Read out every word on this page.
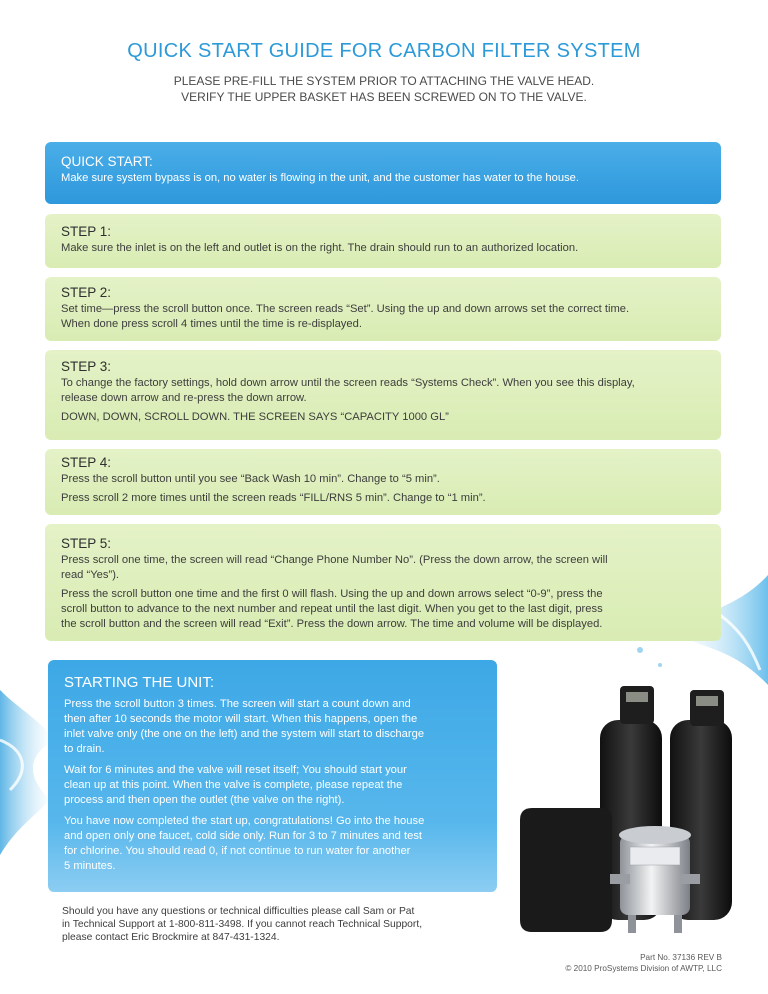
QUICK START GUIDE FOR CARBON FILTER SYSTEM
PLEASE PRE-FILL THE SYSTEM PRIOR TO ATTACHING THE VALVE HEAD.
VERIFY THE UPPER BASKET HAS BEEN SCREWED ON TO THE VALVE.
QUICK START:

Make sure system bypass is on, no water is flowing in the unit, and the customer has water to the house.

STEP 1:

Make sure the inlet is on the left and outlet is on the right. The drain should run to an authorized location.

STEP 2:

Set time—press the scroll button once. The screen reads “Set”. Using the up and down arrows set the correct time.
When done press scroll 4 times until the time is re-displayed.

STEP 3:

To change the factory settings, hold down arrow until the screen reads “Systems Check”. When you see this display,
release down arrow and re-press the down arrow.

DOWN, DOWN, SCROLL DOWN. THE SCREEN SAYS “CAPACITY 1000 GL”

STEP 4:

Press the scroll button until you see “Back Wash 10 min”. Change to “5 min”.

Press scroll 2 more times until the screen reads “FILL/RNS 5 min”. Change to “1 min”.

STEP 5:

Press scroll one time, the screen will read “Change Phone Number No”. (Press the down arrow, the screen will
read “Yes”).

Press the scroll button one time and the first 0 will flash. Using the up and down arrows select “0-9”, press the
scroll button to advance to the next number and repeat until the last digit. When you get to the last digit, press
the scroll button and the screen will read “Exit”. Press the down arrow. The time and volume will be displayed.

STARTING THE UNIT:

Press the scroll button 3 times. The screen will start a count down and
then after 10 seconds the motor will start. When this happens, open the
inlet valve only (the one on the left) and the system will start to discharge
to drain.

Wait for 6 minutes and the valve will reset itself; You should start your
clean up at this point. When the valve is complete, please repeat the
process and then open the outlet (the valve on the right).

You have now completed the start up, congratulations! Go into the house
and open only one faucet, cold side only. Run for 3 to 7 minutes and test
for chlorine. You should read 0, if not continue to run water for another
5 minutes.

Should you have any questions or technical difficulties please call Sam or Pat
in Technical Support at 1-800-811-3498. If you cannot reach Technical Support,
please contact Eric Brockmire at 847-431-1324.
Part No. 37136 REV B
© 2010 ProSystems Division of AWTP, LLC
